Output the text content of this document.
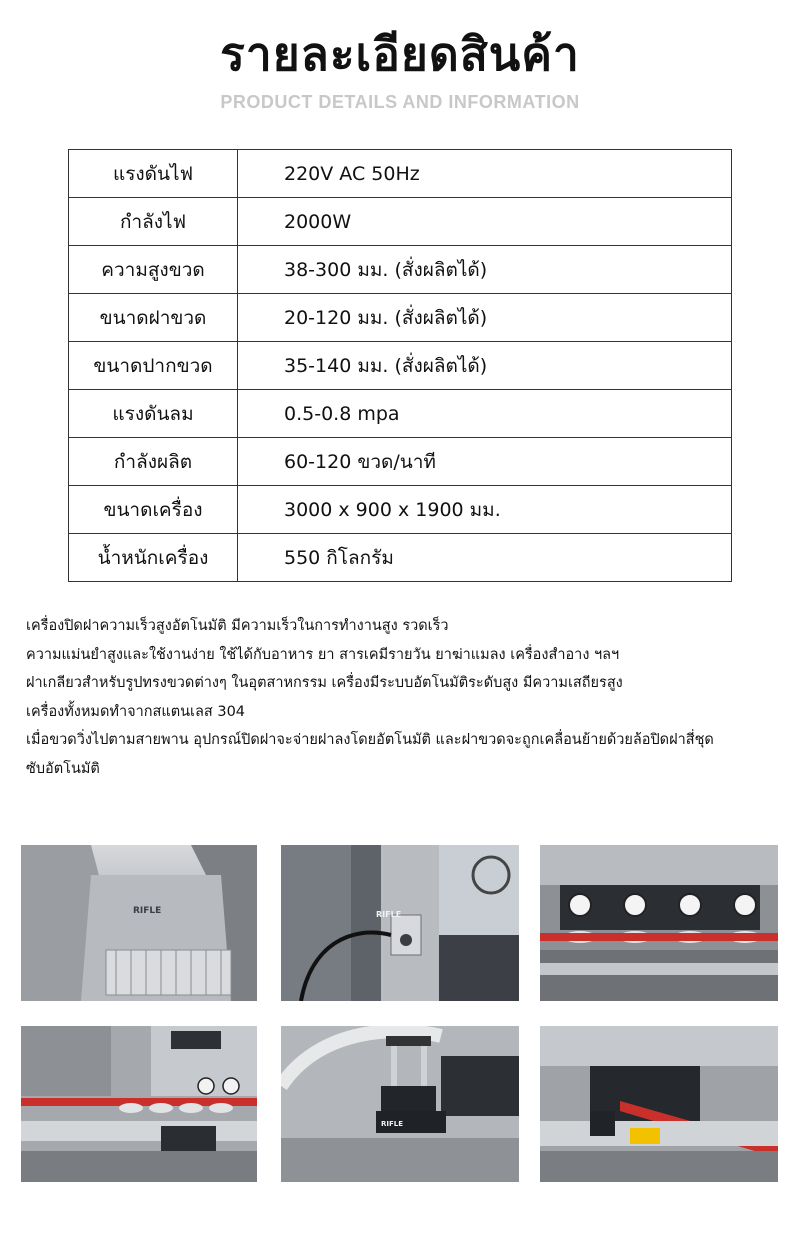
รายละเอียดสินค้า
PRODUCT DETAILS AND INFORMATION
แรงดันไฟ	220V AC 50Hz
กำลังไฟ	2000W
ความสูงขวด	38-300 มม. (สั่งผลิตได้)
ขนาดฝาขวด	20-120 มม. (สั่งผลิตได้)
ขนาดปากขวด	35-140 มม. (สั่งผลิตได้)
แรงดันลม	0.5-0.8 mpa
กำลังผลิต	60-120 ขวด/นาที
ขนาดเครื่อง	3000 x 900 x 1900 มม.
น้ำหนักเครื่อง	550 กิโลกรัม

เครื่องปิดฝาความเร็วสูงอัตโนมัติ มีความเร็วในการทำงานสูง รวดเร็ว

ความแม่นยำสูงและใช้งานง่าย ใช้ได้กับอาหาร ยา สารเคมีรายวัน ยาฆ่าแมลง เครื่องสำอาง ฯลฯ

ฝาเกลียวสำหรับรูปทรงขวดต่างๆ ในอุตสาหกรรม เครื่องมีระบบอัตโนมัติระดับสูง มีความเสถียรสูง

เครื่องทั้งหมดทำจากสแตนเลส 304

เมื่อขวดวิ่งไปตามสายพาน อุปกรณ์ปิดฝาจะจ่ายฝาลงโดยอัตโนมัติ และฝาขวดจะถูกเคลื่อนย้ายด้วยล้อปิดฝาสี่ชุด

ซับอัตโนมัติ

RIFLE	RIFLE
RIFLE
